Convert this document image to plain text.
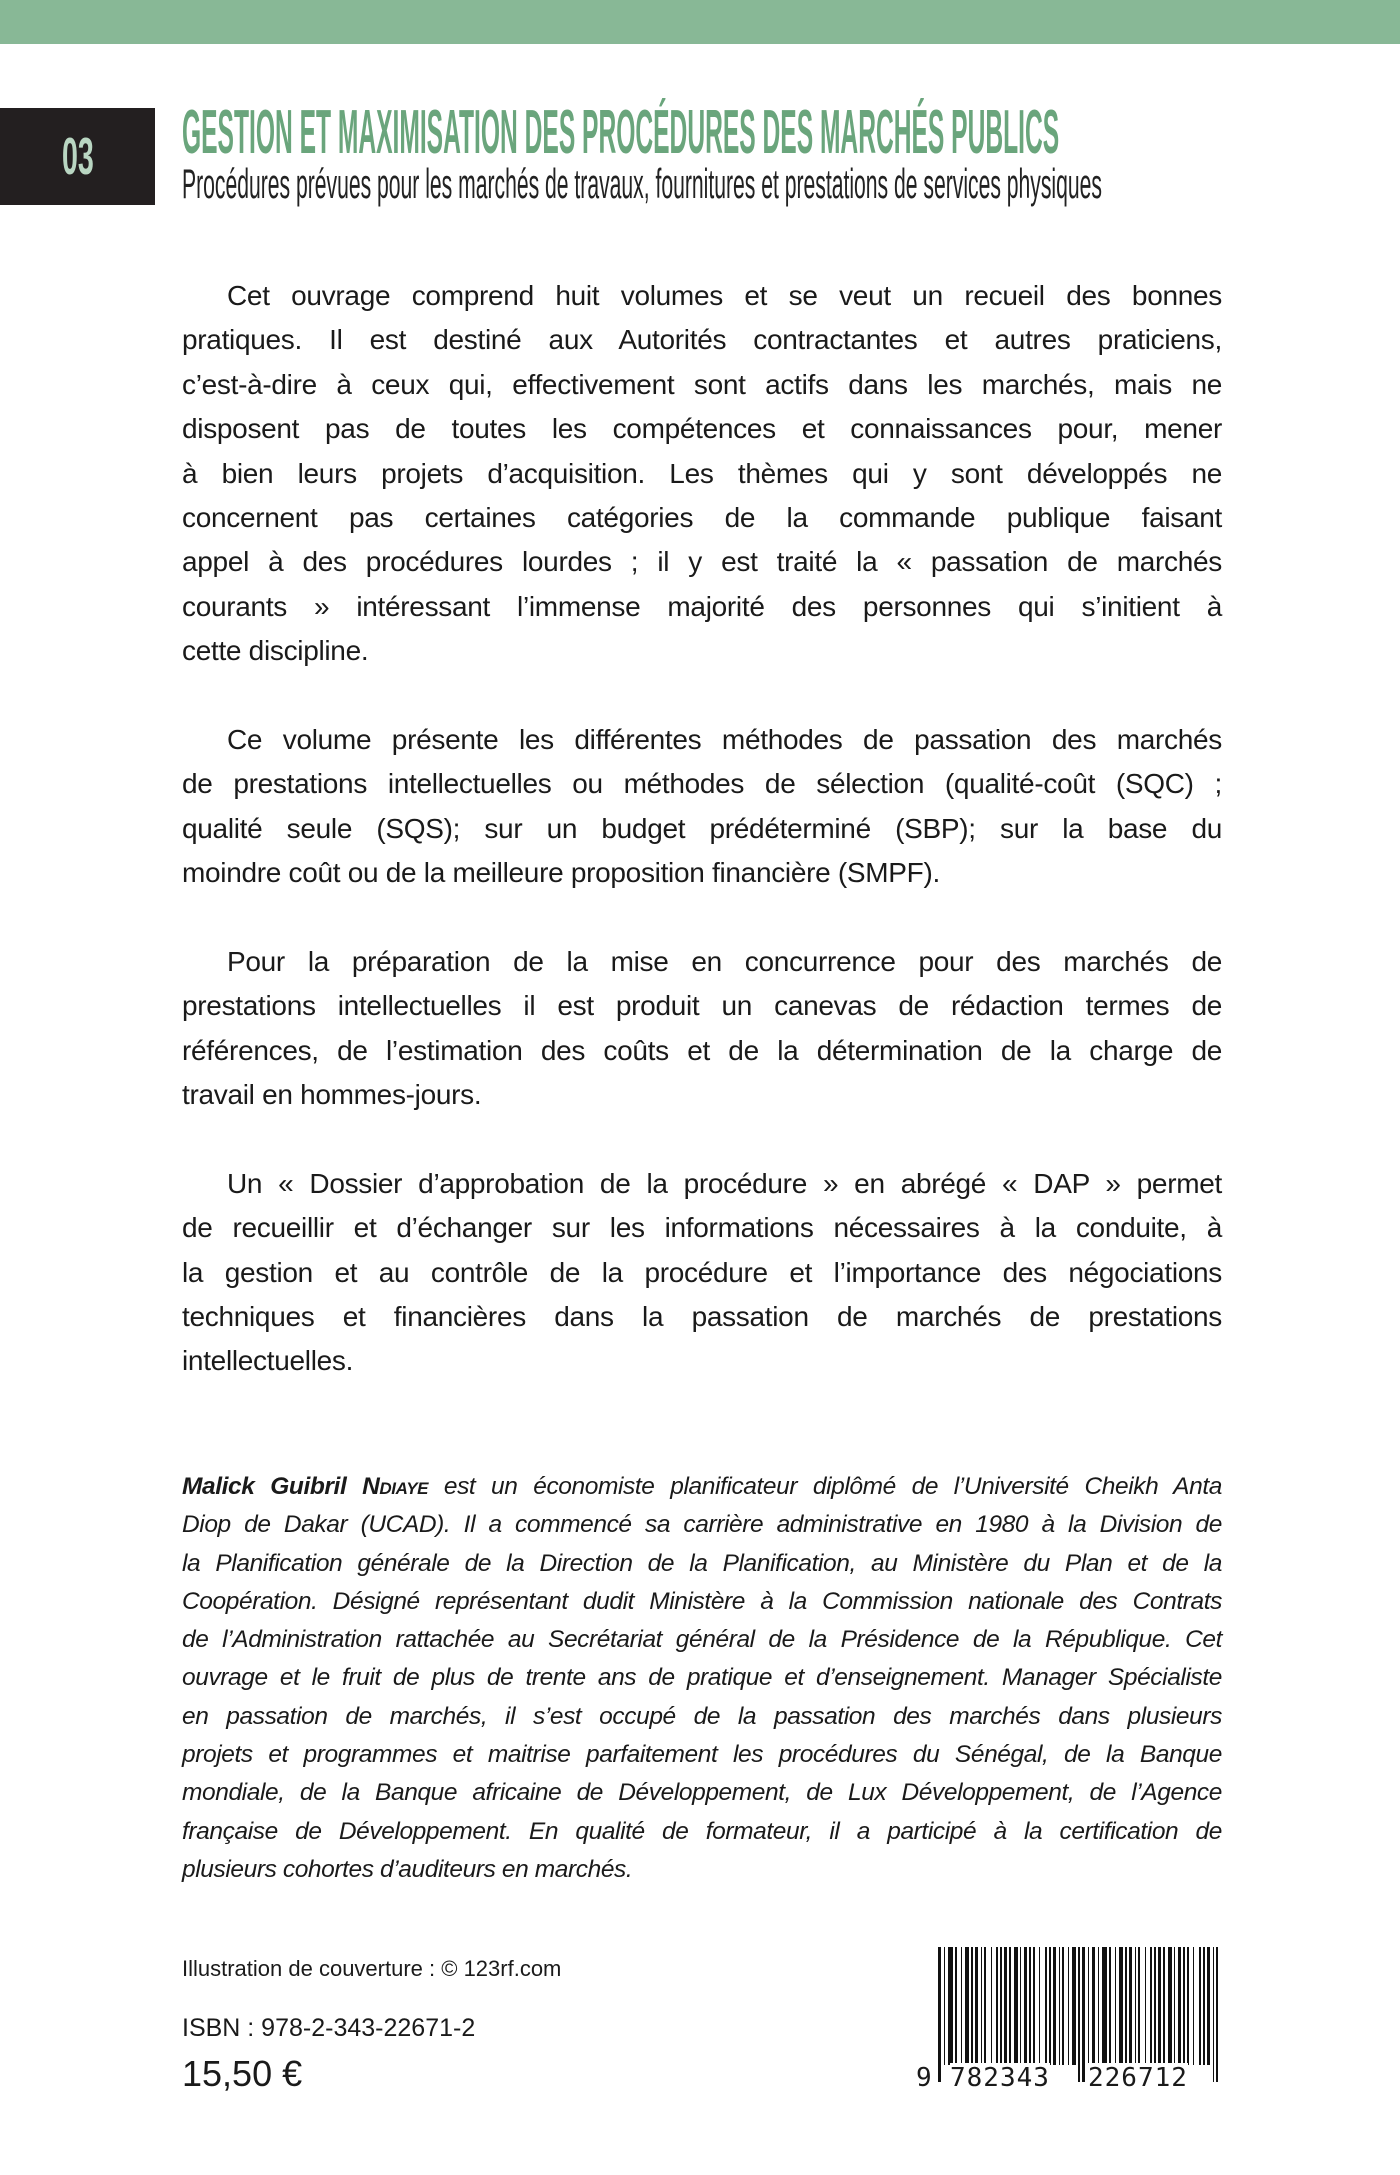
03 GESTION ET MAXIMISATION DES PROCÉDURES DES MARCHÉS PUBLICS
Procédures prévues pour les marchés de travaux, fournitures et prestations de services physiques
Cet ouvrage comprend huit volumes et se veut un recueil des bonnes
pratiques. Il est destiné aux Autorités contractantes et autres praticiens,
c’est-à-dire à ceux qui, effectivement sont actifs dans les marchés, mais ne
disposent pas de toutes les compétences et connaissances pour, mener
à bien leurs projets d’acquisition. Les thèmes qui y sont développés ne
concernent pas certaines catégories de la commande publique faisant
appel à des procédures lourdes ; il y est traité la « passation de marchés
courants » intéressant l’immense majorité des personnes qui s’initient à
cette discipline.
Ce volume présente les différentes méthodes de passation des marchés
de prestations intellectuelles ou méthodes de sélection (qualité-coût (SQC) ;
qualité seule (SQS); sur un budget prédéterminé (SBP); sur la base du
moindre coût ou de la meilleure proposition financière (SMPF).
Pour la préparation de la mise en concurrence pour des marchés de
prestations intellectuelles il est produit un canevas de rédaction termes de
références, de l’estimation des coûts et de la détermination de la charge de
travail en hommes-jours.
Un « Dossier d’approbation de la procédure » en abrégé « DAP » permet
de recueillir et d’échanger sur les informations nécessaires à la conduite, à
la gestion et au contrôle de la procédure et l’importance des négociations
techniques et financières dans la passation de marchés de prestations
intellectuelles.
Malick Guibril Ndiaye est un économiste planificateur diplômé de l’Université Cheikh Anta
Diop de Dakar (UCAD). Il a commencé sa carrière administrative en 1980 à la Division de
la Planification générale de la Direction de la Planification, au Ministère du Plan et de la
Coopération. Désigné représentant dudit Ministère à la Commission nationale des Contrats
de l’Administration rattachée au Secrétariat général de la Présidence de la République. Cet
ouvrage et le fruit de plus de trente ans de pratique et d’enseignement. Manager Spécialiste
en passation de marchés, il s’est occupé de la passation des marchés dans plusieurs
projets et programmes et maitrise parfaitement les procédures du Sénégal, de la Banque
mondiale, de la Banque africaine de Développement, de Lux Développement, de l’Agence
française de Développement. En qualité de formateur, il a participé à la certification de
plusieurs cohortes d’auditeurs en marchés.
Illustration de couverture : © 123rf.com
ISBN : 978-2-343-22671-2
15,50 €	9 782343 226712
